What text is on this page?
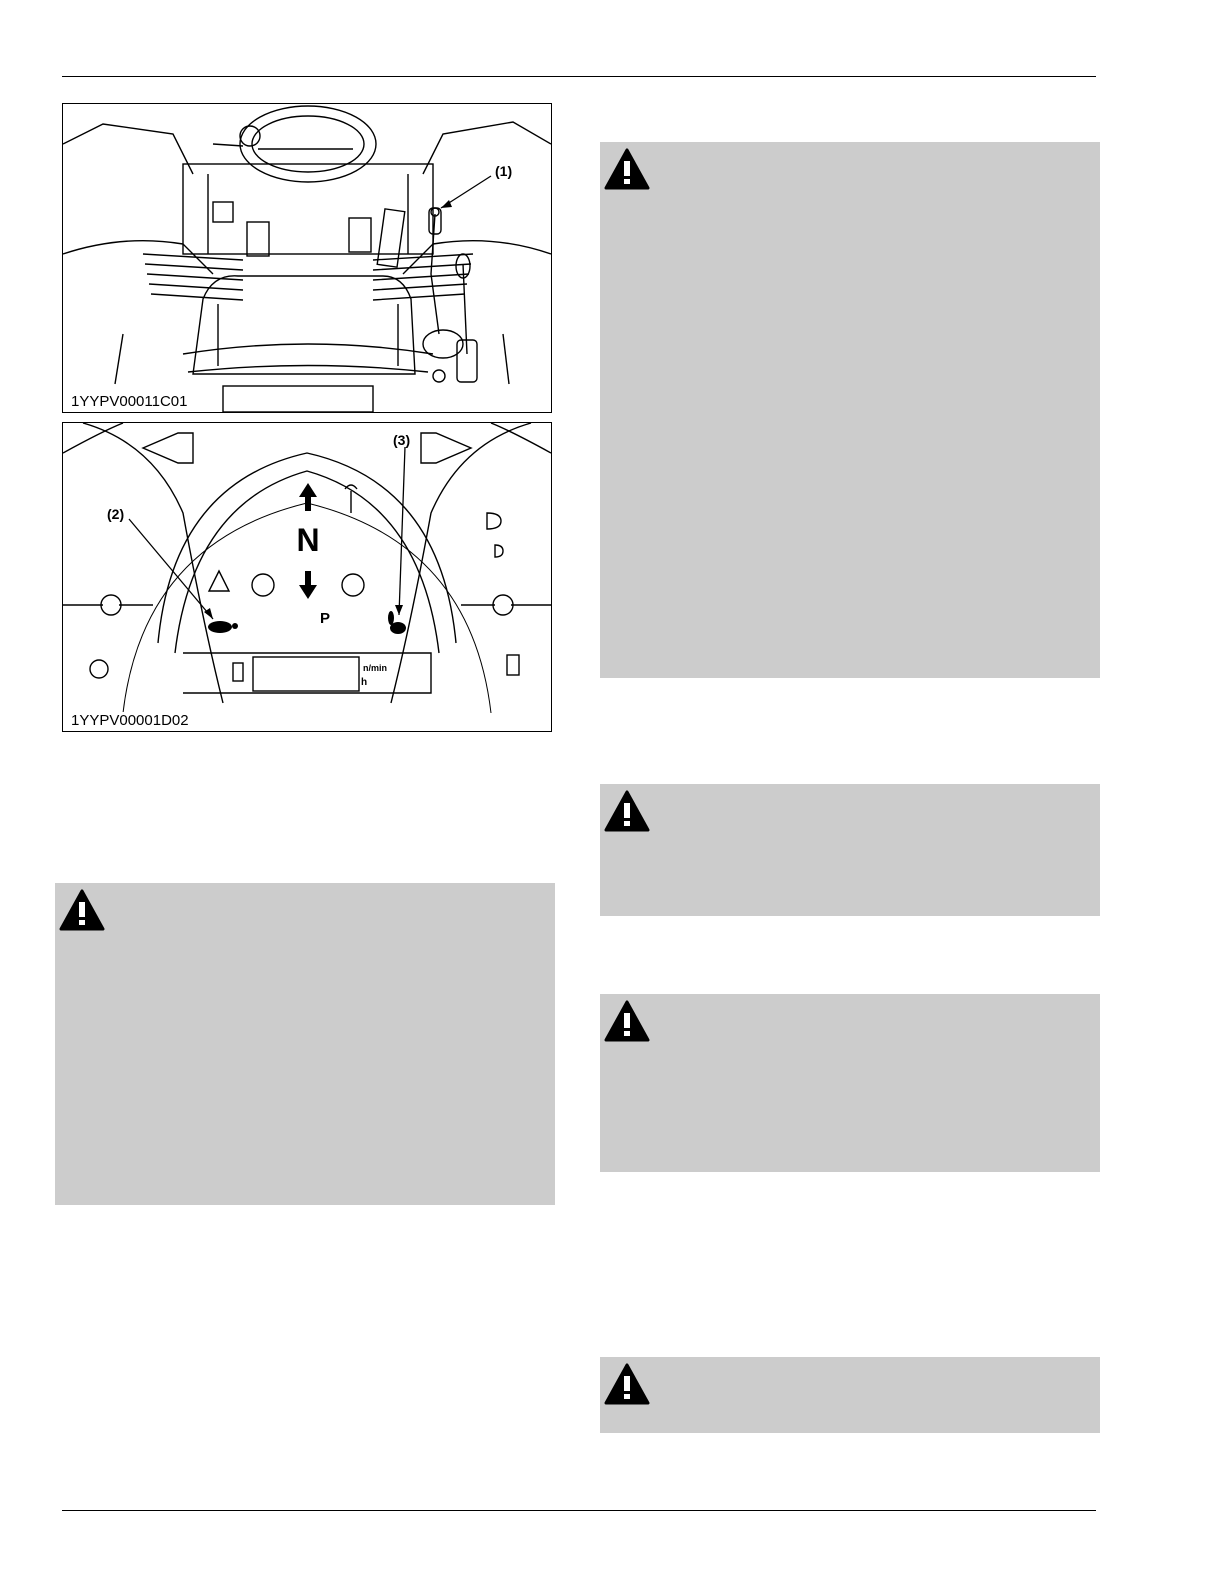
(1)
1YYPV00011C01
N
P
n/min
h
(2)
(3)
1YYPV00001D02
